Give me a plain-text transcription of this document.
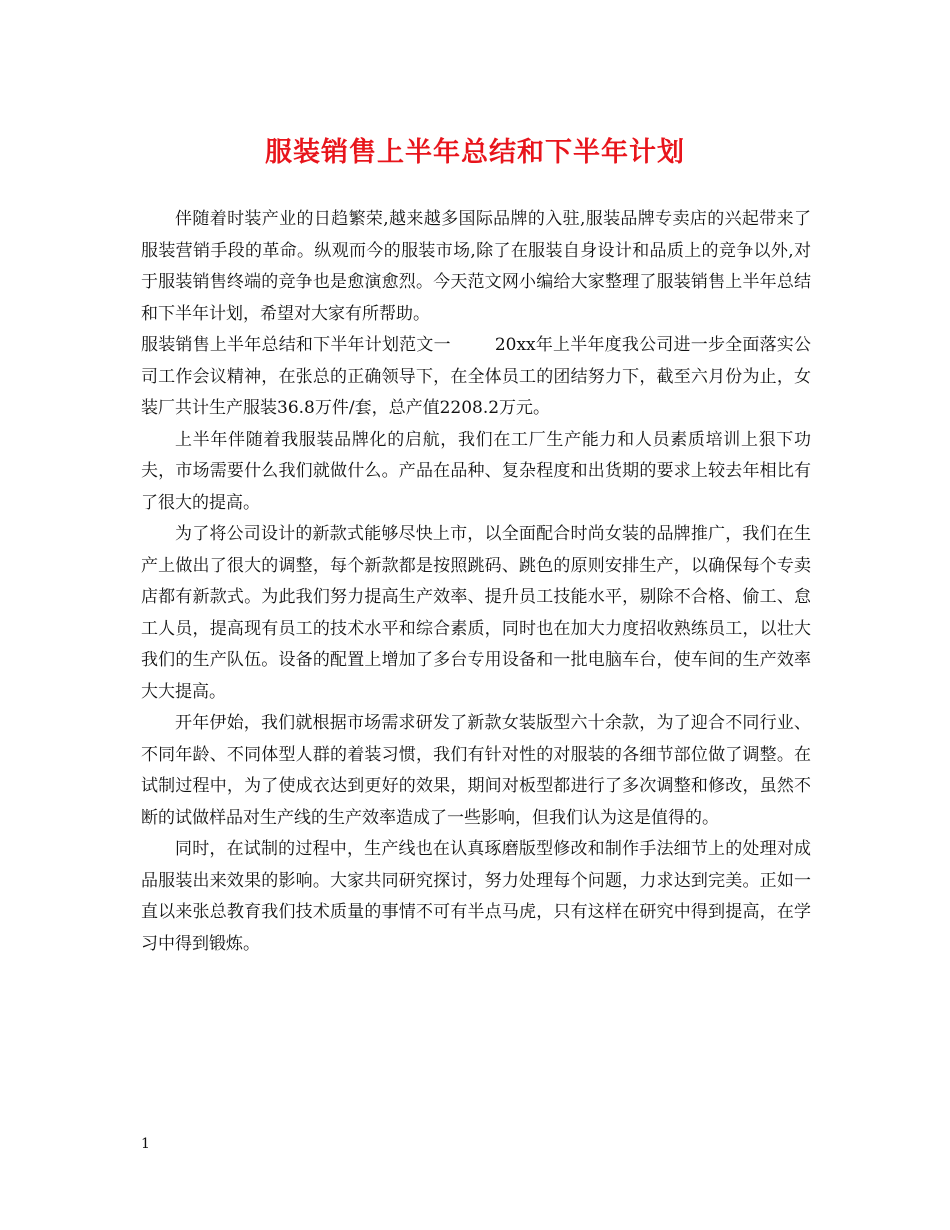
服装销售上半年总结和下半年计划

伴随着时装产业的日趋繁荣,越来越多国际品牌的入驻,服装品牌专卖店的兴起带来了服装营销手段的革命。纵观而今的服装市场,除了在服装自身设计和品质上的竞争以外,对于服装销售终端的竞争也是愈演愈烈。今天范文网小编给大家整理了服装销售上半年总结和下半年计划，希望对大家有所帮助。

服装销售上半年总结和下半年计划范文一	20xx年上半年度我公司进一步全面落实公司工作会议精神，在张总的正确领导下，在全体员工的团结努力下，截至六月份为止，女装厂共计生产服装36.8万件/套，总产值2208.2万元。

上半年伴随着我服装品牌化的启航，我们在工厂生产能力和人员素质培训上狠下功夫，市场需要什么我们就做什么。产品在品种、复杂程度和出货期的要求上较去年相比有了很大的提高。

为了将公司设计的新款式能够尽快上市，以全面配合时尚女装的品牌推广，我们在生产上做出了很大的调整，每个新款都是按照跳码、跳色的原则安排生产，以确保每个专卖店都有新款式。为此我们努力提高生产效率、提升员工技能水平，剔除不合格、偷工、怠工人员，提高现有员工的技术水平和综合素质，同时也在加大力度招收熟练员工，以壮大我们的生产队伍。设备的配置上增加了多台专用设备和一批电脑车台，使车间的生产效率大大提高。

开年伊始，我们就根据市场需求研发了新款女装版型六十余款，为了迎合不同行业、不同年龄、不同体型人群的着装习惯，我们有针对性的对服装的各细节部位做了调整。在试制过程中，为了使成衣达到更好的效果，期间对板型都进行了多次调整和修改，虽然不断的试做样品对生产线的生产效率造成了一些影响，但我们认为这是值得的。

同时，在试制的过程中，生产线也在认真琢磨版型修改和制作手法细节上的处理对成品服装出来效果的影响。大家共同研究探讨，努力处理每个问题，力求达到完美。正如一直以来张总教育我们技术质量的事情不可有半点马虎，只有这样在研究中得到提高，在学习中得到锻炼。

1
